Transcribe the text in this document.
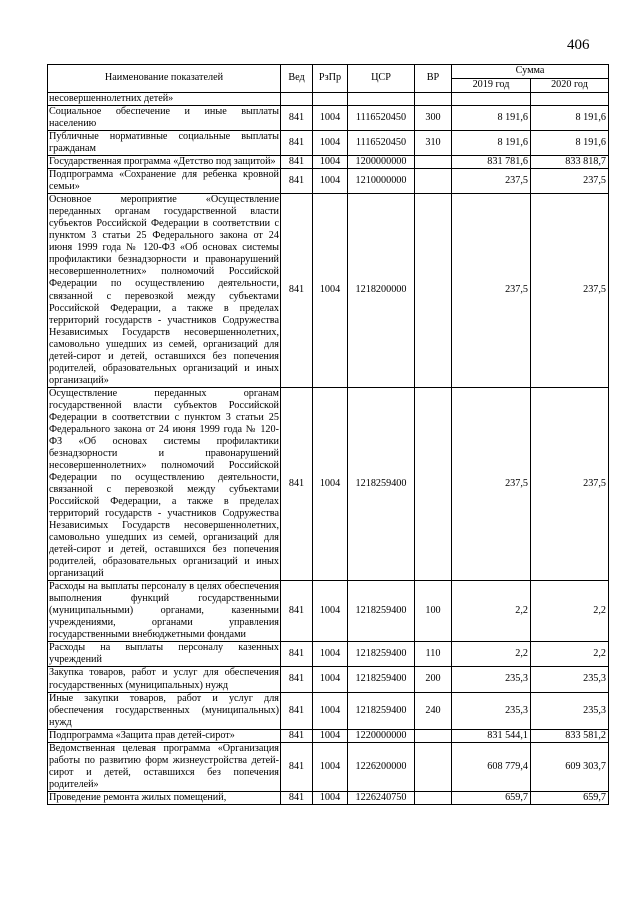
406
Наименование показателей	Вед	РзПр	ЦСР	ВР	Сумма	
					2019 год	2020 год
несовершеннолетних детей»						
Социальное обеспечение и иные выплаты населению	841	1004	1116520450	300	8 191,6	8 191,6
Публичные нормативные социальные выплаты гражданам	841	1004	1116520450	310	8 191,6	8 191,6
Государственная программа «Детство под защитой»	841	1004	1200000000		831 781,6	833 818,7
Подпрограмма «Сохранение для ребенка кровной семьи»	841	1004	1210000000		237,5	237,5
Основное мероприятие «Осуществление переданных органам государственной власти субъектов Российской Федерации в соответствии с пунктом 3 статьи 25 Федерального закона от 24 июня 1999 года № 120-ФЗ «Об основах системы профилактики безнадзорности и правонарушений несовершеннолетних» полномочий Российской Федерации по осуществлению деятельности, связанной с перевозкой между субъектами Российской Федерации, а также в пределах территорий государств - участников Содружества Независимых Государств несовершеннолетних, самовольно ушедших из семей, организаций для детей-сирот и детей, оставшихся без попечения родителей, образовательных организаций и иных организаций»	841	1004	1218200000		237,5	237,5
Осуществление переданных органам государственной власти субъектов Российской Федерации в соответствии с пунктом 3 статьи 25 Федерального закона от 24 июня 1999 года № 120-ФЗ «Об основах системы профилактики безнадзорности и правонарушений несовершеннолетних» полномочий Российской Федерации по осуществлению деятельности, связанной с перевозкой между субъектами Российской Федерации, а также в пределах территорий государств - участников Содружества Независимых Государств несовершеннолетних, самовольно ушедших из семей, организаций для детей-сирот и детей, оставшихся без попечения родителей, образовательных организаций и иных организаций	841	1004	1218259400		237,5	237,5
Расходы на выплаты персоналу в целях обеспечения выполнения функций государственными (муниципальными) органами, казенными учреждениями, органами управления государственными внебюджетными фондами	841	1004	1218259400	100	2,2	2,2
Расходы на выплаты персоналу казенных учреждений	841	1004	1218259400	110	2,2	2,2
Закупка товаров, работ и услуг для обеспечения государственных (муниципальных) нужд	841	1004	1218259400	200	235,3	235,3
Иные закупки товаров, работ и услуг для обеспечения государственных (муниципальных) нужд	841	1004	1218259400	240	235,3	235,3
Подпрограмма «Защита прав детей-сирот»	841	1004	1220000000		831 544,1	833 581,2
Ведомственная целевая программа «Организация работы по развитию форм жизнеустройства детей-сирот и детей, оставшихся без попечения родителей»	841	1004	1226200000		608 779,4	609 303,7
Проведение ремонта жилых помещений,	841	1004	1226240750		659,7	659,7
